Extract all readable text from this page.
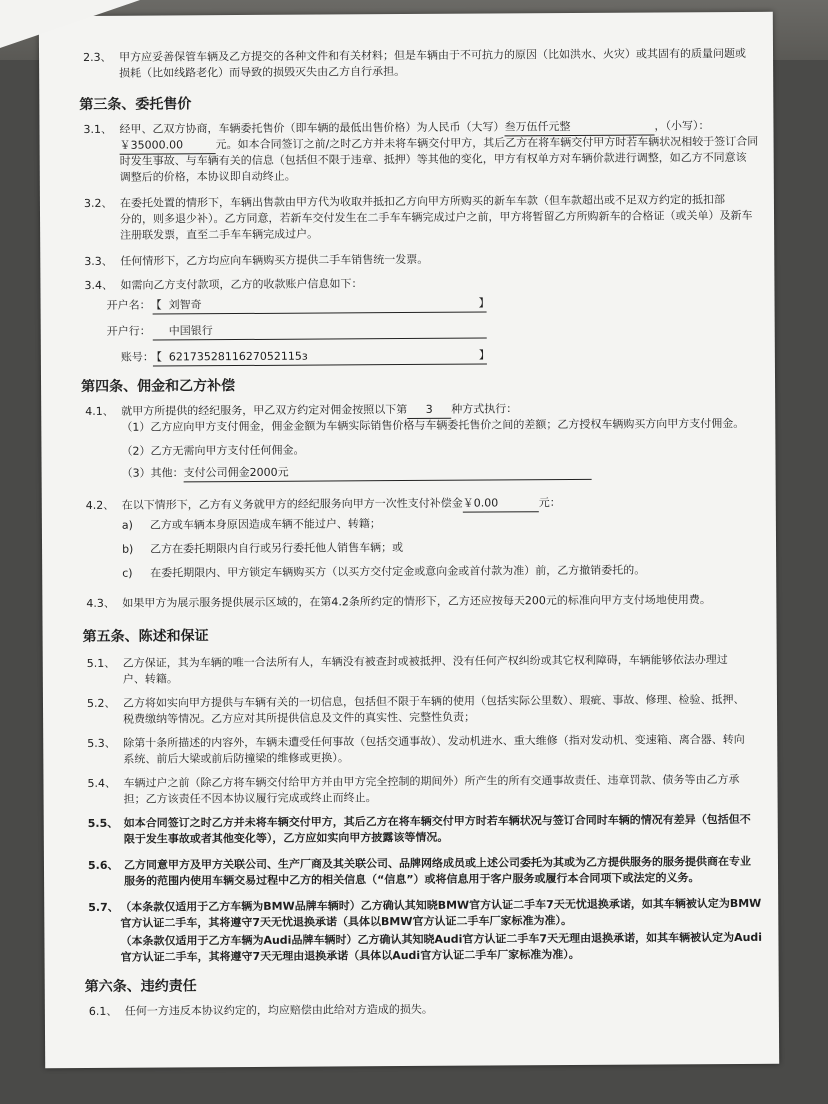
2.3、 甲方应妥善保管车辆及乙方提交的各种文件和有关材料；但是车辆由于不可抗力的原因（比如洪水、火灾）或其固有的质量问题或
损耗（比如线路老化）而导致的损毁灭失由乙方自行承担。
第三条、委托售价
3.1、 经甲、乙双方协商，车辆委托售价（即车辆的最低出售价格）为人民币（大写）叁万伍仟元整	，（小写）：
￥35000.00	元。如本合同签订之前/之时乙方并未将车辆交付甲方，其后乙方在将车辆交付甲方时若车辆状况相较于签订合同
时发生事故、与车辆有关的信息（包括但不限于违章、抵押）等其他的变化，甲方有权单方对车辆价款进行调整，如乙方不同意该
调整后的价格，本协议即自动终止。
3.2、 在委托处置的情形下，车辆出售款由甲方代为收取并抵扣乙方向甲方所购买的新车车款（但车款超出或不足双方约定的抵扣部
分的，则多退少补）。乙方同意，若新车交付发生在二手车车辆完成过户之前，甲方将暂留乙方所购新车的合格证（或关单）及新车
注册联发票，直至二手车车辆完成过户。
3.3、 任何情形下，乙方均应向车辆购买方提供二手车销售统一发票。
3.4、 如需向乙方支付款项，乙方的收款账户信息如下：
开户名： 【 刘智奇	】
开户行： 中国银行
账号：
【 6217352811627052115з	】
第四条、佣金和乙方补偿
4.1、 就甲方所提供的经纪服务，甲乙双方约定对佣金按照以下第 3 种方式执行：
（1）乙方应向甲方支付佣金，佣金金额为车辆实际销售价格与车辆委托售价之间的差额；乙方授权车辆购买方向甲方支付佣金。
（2）乙方无需向甲方支付任何佣金。
（3）其他：支付公司佣金2000元
4.2、 在以下情形下，乙方有义务就甲方的经纪服务向甲方一次性支付补偿金￥0.00	元：
a) 乙方或车辆本身原因造成车辆不能过户、转籍；
b) 乙方在委托期限内自行或另行委托他人销售车辆；或
c) 在委托期限内、甲方锁定车辆购买方（以买方交付定金或意向金或首付款为准）前，乙方撤销委托的。
4.3、 如果甲方为展示服务提供展示区域的，在第4.2条所约定的情形下，乙方还应按每天200元的标准向甲方支付场地使用费。
第五条、陈述和保证
5.1、 乙方保证，其为车辆的唯一合法所有人，车辆没有被查封或被抵押、没有任何产权纠纷或其它权利障碍，车辆能够依法办理过
户、转籍。
5.2、 乙方将如实向甲方提供与车辆有关的一切信息，包括但不限于车辆的使用（包括实际公里数）、瑕疵、事故、修理、检验、抵押、
税费缴纳等情况。乙方应对其所提供信息及文件的真实性、完整性负责；
5.3、 除第十条所描述的内容外，车辆未遭受任何事故（包括交通事故）、发动机进水、重大维修（指对发动机、变速箱、离合器、转向
系统、前后大梁或前后防撞梁的维修或更换）。
5.4、 车辆过户之前（除乙方将车辆交付给甲方并由甲方完全控制的期间外）所产生的所有交通事故责任、违章罚款、债务等由乙方承
担；乙方该责任不因本协议履行完成或终止而终止。
5.5、 如本合同签订之时乙方并未将车辆交付甲方，其后乙方在将车辆交付甲方时若车辆状况与签订合同时车辆的情况有差异（包括但不
限于发生事故或者其他变化等），乙方应如实向甲方披露该等情况。
5.6、 乙方同意甲方及甲方关联公司、生产厂商及其关联公司、品牌网络成员或上述公司委托为其或为乙方提供服务的服务提供商在专业
服务的范围内使用车辆交易过程中乙方的相关信息（“信息”）或将信息用于客户服务或履行本合同项下或法定的义务。
5.7、 （本条款仅适用于乙方车辆为BMW品牌车辆时）乙方确认其知晓BMW官方认证二手车7天无忧退换承诺，如其车辆被认定为BMW
官方认证二手车，其将遵守7天无忧退换承诺（具体以BMW官方认证二手车厂家标准为准）。
（本条款仅适用于乙方车辆为Audi品牌车辆时）乙方确认其知晓Audi官方认证二手车7天无理由退换承诺，如其车辆被认定为Audi
官方认证二手车，其将遵守7天无理由退换承诺（具体以Audi官方认证二手车厂家标准为准）。
第六条、违约责任
6.1、 任何一方违反本协议约定的，均应赔偿由此给对方造成的损失。
